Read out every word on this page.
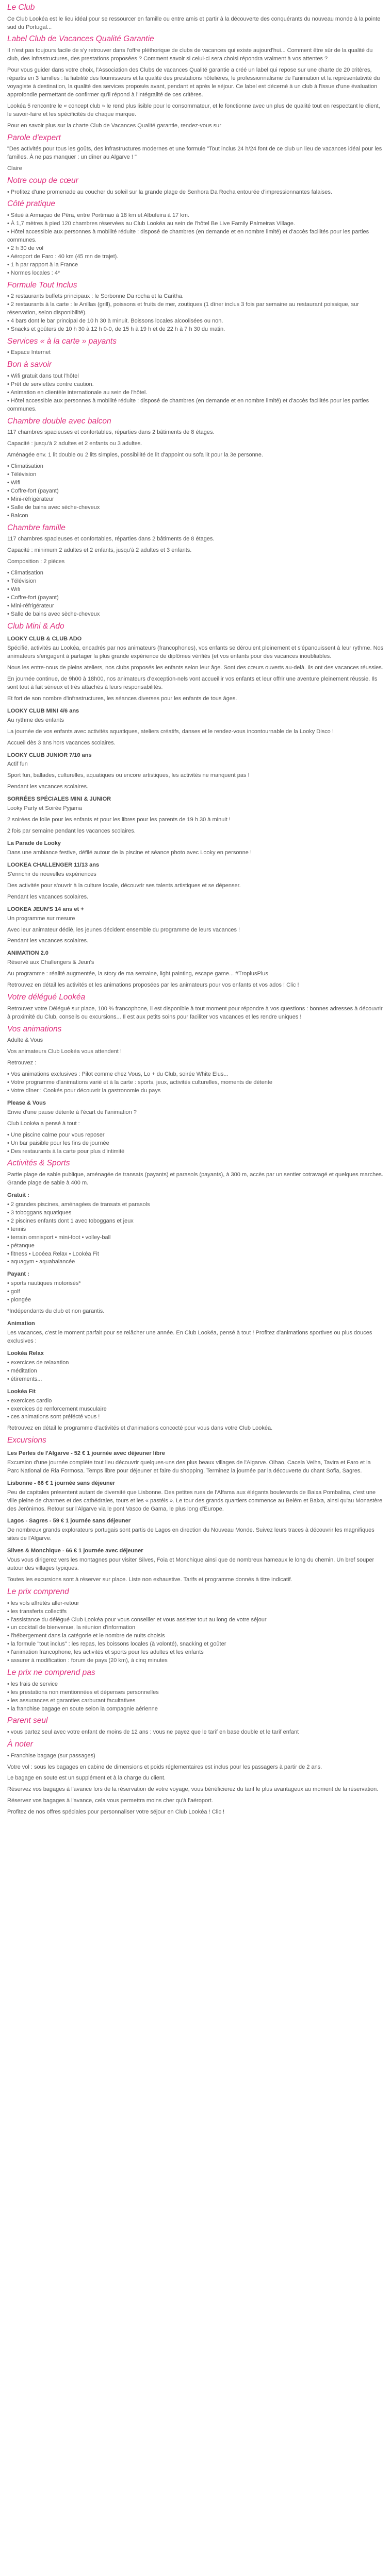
Le Club

Ce Club Lookéa est le lieu idéal pour se ressourcer en famille ou entre amis et partir à la découverte des conquérants du nouveau monde à la pointe sud du Portugal...

Label Club de Vacances Qualité Garantie

Il n'est pas toujours facile de s'y retrouver dans l'offre pléthorique de clubs de vacances qui existe aujourd'hui... Comment être sûr de la qualité du club, des infrastructures, des prestations proposées ? Comment savoir si celui-ci sera choisi répondra vraiment à vos attentes ?

Pour vous guider dans votre choix, l'Association des Clubs de vacances Qualité garantie a créé un label qui repose sur une charte de 20 critères, répartis en 3 familles : la fiabilité des fournisseurs et la qualité des prestations hôtelières, le professionnalisme de l'animation et la représentativité du voyagiste à destination, la qualité des services proposés avant, pendant et après le séjour. Ce label est décerné à un club à l'issue d'une évaluation approfondie permettant de confirmer qu'il répond à l'intégralité de ces critères.

Lookéa 5 rencontre le « concept club » le rend plus lisible pour le consommateur, et le fonctionne avec un plus de qualité tout en respectant le client, le savoir-faire et les spécificités de chaque marque.

Pour en savoir plus sur la charte Club de Vacances Qualité garantie, rendez-vous sur

Parole d'expert

"Des activités pour tous les goûts, des infrastructures modernes et une formule "Tout inclus 24 h/24 font de ce club un lieu de vacances idéal pour les familles. À ne pas manquer : un dîner au Algarve ! "

Claire

Notre coup de cœur
• Profitez d'une promenade au coucher du soleil sur la grande plage de Senhora Da Rocha entourée d'impressionnantes falaises.
Côté pratique
• Situé à Armaçao de Pêra, entre Portimao à 18 km et Albufeira à 17 km.
• À 1,7 mètres à pied 120 chambres réservées au Club Lookéa au sein de l'hôtel Be Live Family Palmeiras Village.
• Hôtel accessible aux personnes à mobilité réduite : disposé de chambres (en demande et en nombre limité) et d'accès facilités pour les parties communes.
• 2 h 30 de vol
• Aéroport de Faro : 40 km (45 mn de trajet).
• 1 h par rapport à la France
• Normes locales : 4*
Formule Tout Inclus
• 2 restaurants buffets principaux : le Sorbonne Da rocha et la Caritha.
• 2 restaurants à la carte : le Anillas (grill), poissons et fruits de mer, zoutiques (1 dîner inclus 3 fois par semaine au restaurant poissique, sur réservation, selon disponibilité).
• 4 bars dont le bar principal de 10 h 30 à minuit. Boissons locales alcoolisées ou non.
• Snacks et goûters de 10 h 30 à 12 h 0-0, de 15 h à 19 h et de 22 h à 7 h 30 du matin.
Services « à la carte » payants
• Espace Internet
Bon à savoir
• Wifi gratuit dans tout l'hôtel
• Prêt de serviettes contre caution.
• Animation en clientèle internationale au sein de l'hôtel.
• Hôtel accessible aux personnes à mobilité réduite : disposé de chambres (en demande et en nombre limité) et d'accès facilités pour les parties communes.
Chambre double avec balcon

117 chambres spacieuses et confortables, réparties dans 2 bâtiments de 8 étages.

Capacité : jusqu'à 2 adultes et 2 enfants ou 3 adultes.

Aménagée env. 1 lit double ou 2 lits simples, possibilité de lit d'appoint ou sofa lit pour la 3e personne.

• Climatisation
• Télévision
• Wifi
• Coffre-fort (payant)
• Mini-réfrigérateur
• Salle de bains avec sèche-cheveux
• Balcon
Chambre famille

117 chambres spacieuses et confortables, réparties dans 2 bâtiments de 8 étages.

Capacité : minimum 2 adultes et 2 enfants, jusqu'à 2 adultes et 3 enfants.

Composition : 2 pièces

• Climatisation
• Télévision
• Wifi
• Coffre-fort (payant)
• Mini-réfrigérateur
• Salle de bains avec sèche-cheveux
Club Mini & Ado

LOOKY CLUB & CLUB ADO

Spécifié, activités au Lookéa, encadrés par nos animateurs (francophones), vos enfants se déroulent pleinement et s'épanouissent à leur rythme. Nos animateurs s'engagent à partager la plus grande expérience de diplômes vérifiés (et vos enfants pour des vacances inoubliables.

Nous les entre-nous de pleins ateliers, nos clubs proposés les enfants selon leur âge. Sont des cœurs ouverts au-delà. Ils ont des vacances réussies.

En journée continue, de 9h00 à 18h00, nos animateurs d'exception-nels vont accueillir vos enfants et leur offrir une aventure pleinement réussie. Ils sont tout à fait sérieux et très attachés à leurs responsabilités.

Et fort de son nombre d'infrastructures, les séances diverses pour les enfants de tous âges.

LOOKY CLUB MINI 4/6 ans

Au rythme des enfants

La journée de vos enfants avec activités aquatiques, ateliers créatifs, danses et le rendez-vous incontournable de la Looky Disco !

Accueil dès 3 ans hors vacances scolaires.

LOOKY CLUB JUNIOR 7/10 ans

Actif fun

Sport fun, ballades, culturelles, aquatiques ou encore artistiques, les activités ne manquent pas !

Pendant les vacances scolaires.

SORRÉES SPÉCIALES MINI & JUNIOR

Looky Party et Soirée Pyjama

2 soirées de folie pour les enfants et pour les libres pour les parents de 19 h 30 à minuit !

2 fois par semaine pendant les vacances scolaires.

La Parade de Looky

Dans une ambiance festive, défilé autour de la piscine et séance photo avec Looky en personne !

LOOKEA CHALLENGER 11/13 ans

S'enrichir de nouvelles expériences

Des activités pour s'ouvrir à la culture locale, découvrir ses talents artistiques et se dépenser.

Pendant les vacances scolaires.

LOOKEA JEUN'S 14 ans et +

Un programme sur mesure

Avec leur animateur dédié, les jeunes décident ensemble du programme de leurs vacances !

Pendant les vacances scolaires.

ANIMATION 2.0

Réservé aux Challengers & Jeun's

Au programme : réalité augmentée, la story de ma semaine, light painting, escape game... #TroplusPlus

Retrouvez en détail les activités et les animations proposées par les animateurs pour vos enfants et vos ados ! Clic !

Votre délégué Lookéa

Retrouvez votre Délégué sur place, 100 % francophone, il est disponible à tout moment pour répondre à vos questions : bonnes adresses à découvrir à proximité du Club, conseils ou excursions... Il est aux petits soins pour faciliter vos vacances et les rendre uniques !

Vos animations

Adulte & Vous

Vos animateurs Club Lookéa vous attendent !

Retrouvez :

• Vos animations exclusives : Pilot comme chez Vous, Lo + du Club, soirée White Elus...
• Votre programme d'animations varié et à la carte : sports, jeux, activités culturelles, moments de détente
• Votre dîner : Cookés pour découvrir la gastronomie du pays

Please & Vous

Envie d'une pause détente à l'écart de l'animation ?

Club Lookéa a pensé à tout :

• Une piscine calme pour vous reposer
• Un bar paisible pour les fins de journée
• Des restaurants à la carte pour plus d'intimité
Activités & Sports

Partie plage de sable publique, aménagée de transats (payants) et parasols (payants), à 300 m, accès par un sentier cotravagé et quelques marches. Grande plage de sable à 400 m.

Gratuit :

• 2 grandes piscines, aménagées de transats et parasols
• 3 toboggans aquatiques
• 2 piscines enfants dont 1 avec toboggans et jeux
• tennis
• terrain omnisport • mini-foot • volley-ball
• pétanque
• fitness • Looéea Relax • Lookéa Fit
• aquagym • aquabalancée

Payant :

• sports nautiques motorisés*
• golf
• plongée

*Indépendants du club et non garantis.

Animation

Les vacances, c'est le moment parfait pour se relâcher une année. En Club Lookéa, pensé à tout ! Profitez d'animations sportives ou plus douces exclusives :

Lookéa Relax

• exercices de relaxation
• méditation
• étirements...

Lookéa Fit

• exercices cardio
• exercices de renforcement musculaire
• ces animations sont préfécté vous !

Retrouvez en détail le programme d'activités et d'animations concocté pour vous dans votre Club Lookéa.

Excursions

Les Perles de l'Algarve - 52 € 1 journée avec déjeuner libre

Excursion d'une journée complète tout lieu découvrir quelques-uns des plus beaux villages de l'Algarve. Olhao, Cacela Velha, Tavira et Faro et la Parc National de Ria Formosa. Temps libre pour déjeuner et faire du shopping. Terminez la journée par la découverte du chant Sofia, Sagres.

Lisbonne - 66 € 1 journée sans déjeuner

Peu de capitales présentent autant de diversité que Lisbonne. Des petites rues de l'Alfama aux élégants boulevards de Baixa Pombalina, c'est une ville pleine de charmes et des cathédrales, tours et les « pastéis ». Le tour des grands quartiers commence au Belém et Baixa, ainsi qu'au Monastère des Jerónimos. Retour sur l'Algarve via le pont Vasco de Gama, le plus long d'Europe.

Lagos - Sagres - 59 € 1 journée sans déjeuner

De nombreux grands explorateurs portugais sont partis de Lagos en direction du Nouveau Monde. Suivez leurs traces à découvrir les magnifiques sites de l'Algarve.

Silves & Monchique - 66 € 1 journée avec déjeuner

Vous vous dirigerez vers les montagnes pour visiter Silves, Foia et Monchique ainsi que de nombreux hameaux le long du chemin. Un bref souper autour des villages typiques.

Toutes les excursions sont à réserver sur place. Liste non exhaustive. Tarifs et programme donnés à titre indicatif.

Le prix comprend
• les vols affrétés aller-retour
• les transferts collectifs
• l'assistance du délégué Club Lookéa pour vous conseiller et vous assister tout au long de votre séjour
• un cocktail de bienvenue, la réunion d'information
• l'hébergement dans la catégorie et le nombre de nuits choisis
• la formule "tout inclus" : les repas, les boissons locales (à volonté), snacking et goûter
• l'animation francophone, les activités et sports pour les adultes et les enfants
• assurer à modification : forum de pays (20 km), à cinq minutes
Le prix ne comprend pas
• les frais de service
• les prestations non mentionnées et dépenses personnelles
• les assurances et garanties carburant facultatives
• la franchise bagage en soute selon la compagnie aérienne
Parent seul
• vous partez seul avec votre enfant de moins de 12 ans : vous ne payez que le tarif en base double et le tarif enfant
À noter
• Franchise bagage (sur passages)

Votre vol : sous les bagages en cabine de dimensions et poids réglementaires est inclus pour les passagers à partir de 2 ans.

Le bagage en soute est un supplément et à la charge du client.

Réservez vos bagages à l'avance lors de la réservation de votre voyage, vous bénéficierez du tarif le plus avantageux au moment de la réservation.

Réservez vos bagages à l'avance, cela vous permettra moins cher qu'à l'aéroport.

Profitez de nos offres spéciales pour personnaliser votre séjour en Club Lookéa ! Clic !
